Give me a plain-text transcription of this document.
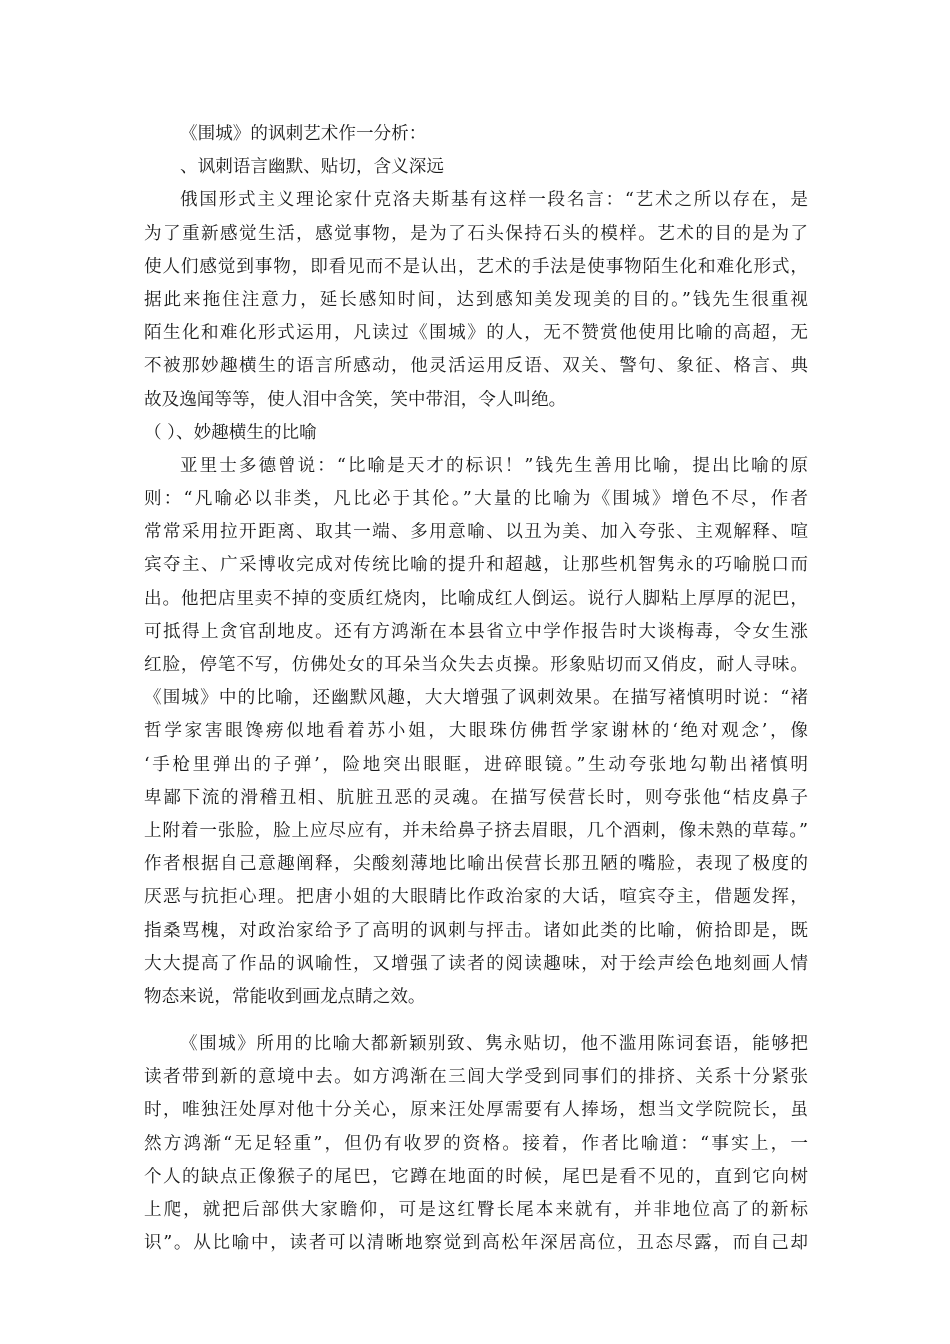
《围城》的讽刺艺术作一分析：
、讽刺语言幽默、贴切，含义深远
俄国形式主义理论家什克洛夫斯基有这样一段名言：“艺术之所以存在，是
为了重新感觉生活，感觉事物，是为了石头保持石头的模样。艺术的目的是为了
使人们感觉到事物，即看见而不是认出，艺术的手法是使事物陌生化和难化形式，
据此来拖住注意力，延长感知时间，达到感知美发现美的目的。”钱先生很重视
陌生化和难化形式运用，凡读过《围城》的人，无不赞赏他使用比喻的高超，无
不被那妙趣横生的语言所感动，他灵活运用反语、双关、警句、象征、格言、典
故及逸闻等等，使人泪中含笑，笑中带泪，令人叫绝。
（ ）、妙趣横生的比喻
亚里士多德曾说：“比喻是天才的标识！”钱先生善用比喻，提出比喻的原
则：“凡喻必以非类，凡比必于其伦。”大量的比喻为《围城》增色不尽，作者
常常采用拉开距离、取其一端、多用意喻、以丑为美、加入夸张、主观解释、喧
宾夺主、广采博收完成对传统比喻的提升和超越，让那些机智隽永的巧喻脱口而
出。他把店里卖不掉的变质红烧肉，比喻成红人倒运。说行人脚粘上厚厚的泥巴，
可抵得上贪官刮地皮。还有方鸿渐在本县省立中学作报告时大谈梅毒，令女生涨
红脸，停笔不写，仿佛处女的耳朵当众失去贞操。形象贴切而又俏皮，耐人寻味。
《围城》中的比喻，还幽默风趣，大大增强了讽刺效果。在描写褚慎明时说：“褚
哲学家害眼馋痨似地看着苏小姐，大眼珠仿佛哲学家谢林的‘绝对观念’，像
‘手枪里弹出的子弹’，险地突出眼眶，进碎眼镜。”生动夸张地勾勒出褚慎明
卑鄙下流的滑稽丑相、肮脏丑恶的灵魂。在描写侯营长时，则夸张他“桔皮鼻子
上附着一张脸，脸上应尽应有，并未给鼻子挤去眉眼，几个酒刺，像未熟的草莓。”
作者根据自己意趣阐释，尖酸刻薄地比喻出侯营长那丑陋的嘴脸，表现了极度的
厌恶与抗拒心理。把唐小姐的大眼睛比作政治家的大话，喧宾夺主，借题发挥，
指桑骂槐，对政治家给予了高明的讽刺与抨击。诸如此类的比喻，俯拾即是，既
大大提高了作品的讽喻性，又增强了读者的阅读趣味，对于绘声绘色地刻画人情
物态来说，常能收到画龙点睛之效。
《围城》所用的比喻大都新颖别致、隽永贴切，他不滥用陈词套语，能够把
读者带到新的意境中去。如方鸿渐在三闾大学受到同事们的排挤、关系十分紧张
时，唯独汪处厚对他十分关心，原来汪处厚需要有人捧场，想当文学院院长，虽
然方鸿渐“无足轻重”，但仍有收罗的资格。接着，作者比喻道：“事实上，一
个人的缺点正像猴子的尾巴，它蹲在地面的时候，尾巴是看不见的，直到它向树
上爬，就把后部供大家瞻仰，可是这红臀长尾本来就有，并非地位高了的新标
识”。从比喻中，读者可以清晰地察觉到高松年深居高位，丑态尽露，而自己却
